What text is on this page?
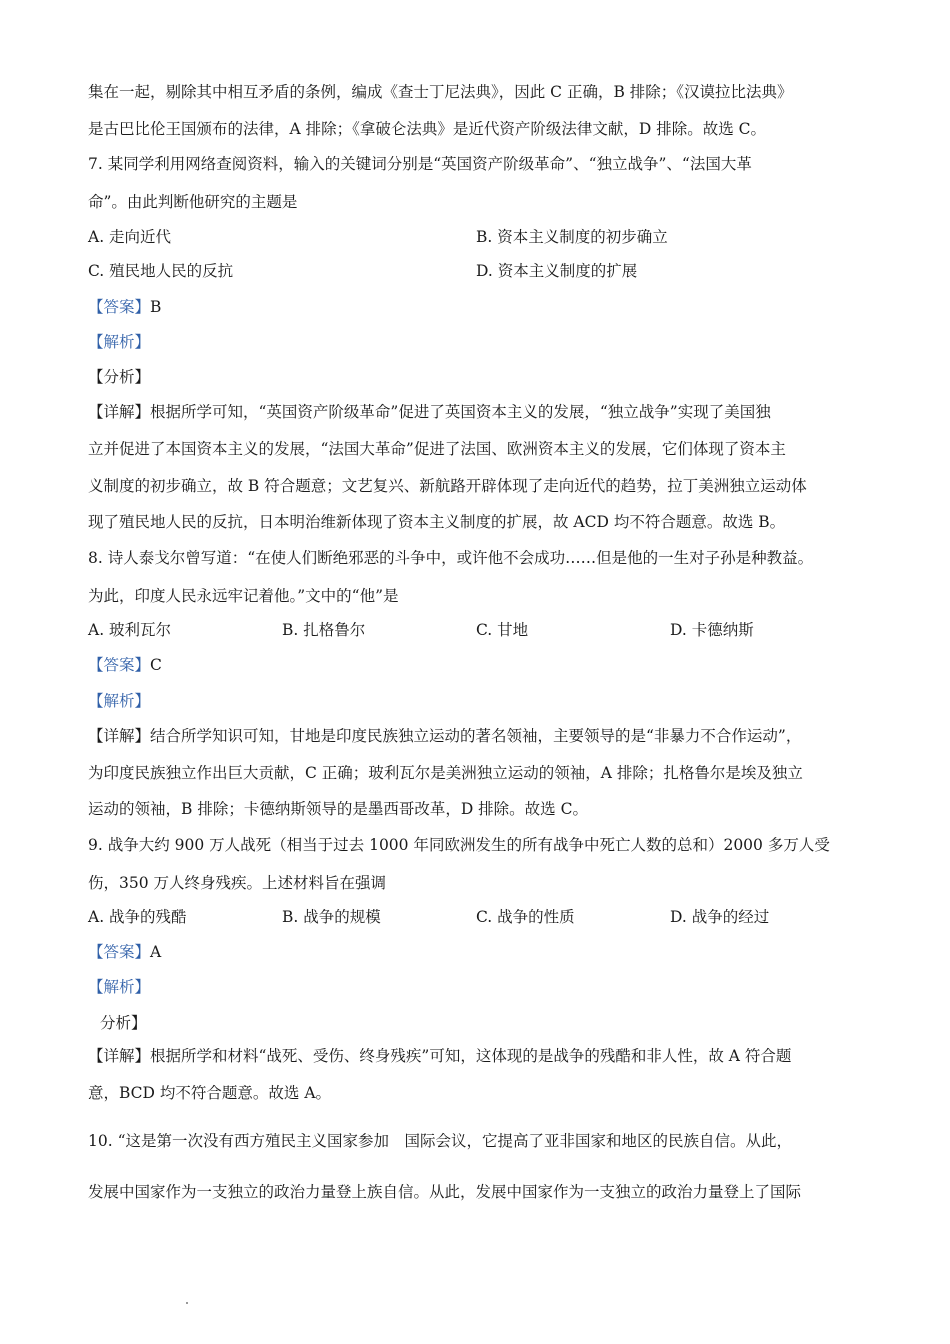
集在一起，剔除其中相互矛盾的条例，编成《查士丁尼法典》，因此 C 正确，B 排除；《汉谟拉比法典》
是古巴比伦王国颁布的法律，A 排除；《拿破仑法典》是近代资产阶级法律文献，D 排除。故选 C。
7. 某同学利用网络查阅资料，输入的关键词分别是“英国资产阶级革命”、“独立战争”、“法国大革
命”。由此判断他研究的主题是
A. 走向近代	B. 资本主义制度的初步确立
C. 殖民地人民的反抗	D. 资本主义制度的扩展
【答案】B
【解析】
【分析】
【详解】根据所学可知，“英国资产阶级革命”促进了英国资本主义的发展，“独立战争”实现了美国独
立并促进了本国资本主义的发展，“法国大革命”促进了法国、欧洲资本主义的发展，它们体现了资本主
义制度的初步确立，故 B 符合题意；文艺复兴、新航路开辟体现了走向近代的趋势，拉丁美洲独立运动体
现了殖民地人民的反抗，日本明治维新体现了资本主义制度的扩展，故 ACD 均不符合题意。故选 B。
8. 诗人泰戈尔曾写道：“在使人们断绝邪恶的斗争中，或许他不会成功……但是他的一生对子孙是种教益。
为此，印度人民永远牢记着他。”文中的“他”是
A. 玻利瓦尔	B. 扎格鲁尔	C. 甘地	D. 卡德纳斯
【答案】C
【解析】
【详解】结合所学知识可知，甘地是印度民族独立运动的著名领袖，主要领导的是“非暴力不合作运动”，
为印度民族独立作出巨大贡献，C 正确；玻利瓦尔是美洲独立运动的领袖，A 排除；扎格鲁尔是埃及独立
运动的领袖，B 排除；卡德纳斯领导的是墨西哥改革，D 排除。故选 C。
9. 战争大约 900 万人战死（相当于过去 1000 年同欧洲发生的所有战争中死亡人数的总和）2000 多万人受
伤，350 万人终身残疾。上述材料旨在强调
A. 战争的残酷	B. 战争的规模	C. 战争的性质	D. 战争的经过
【答案】A
【解析】
分析】
【详解】根据所学和材料“战死、受伤、终身残疾”可知，这体现的是战争的残酷和非人性，故 A 符合题
意，BCD 均不符合题意。故选 A。
10. “这是第一次没有西方殖民主义国家参加　国际会议，它提高了亚非国家和地区的民族自信。从此，
发展中国家作为一支独立的政治力量登上族自信。从此，发展中国家作为一支独立的政治力量登上了国际
